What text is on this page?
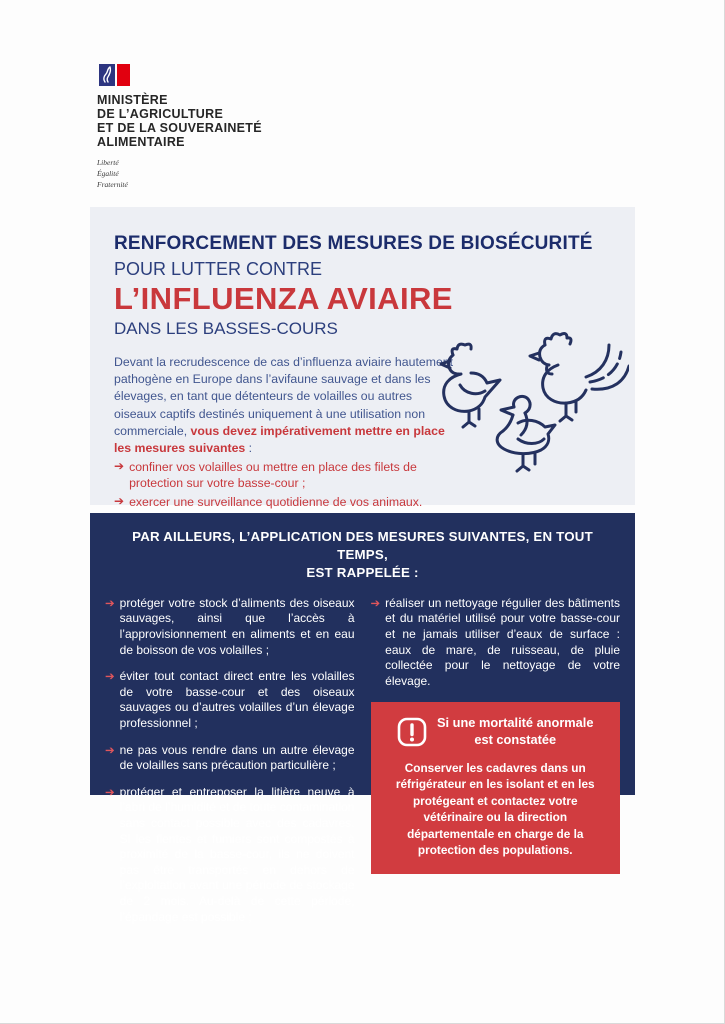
MINISTÈRE
DE L’AGRICULTURE
ET DE LA SOUVERAINETÉ
ALIMENTAIRE
Liberté
Égalité
Fraternité
RENFORCEMENT DES MESURES DE BIOSÉCURITÉ
POUR LUTTER CONTRE
L’INFLUENZA AVIAIRE
DANS LES BASSES-COURS
Devant la recrudescence de cas d’influenza aviaire hautement pathogène en Europe dans l’avifaune sauvage et dans les élevages, en tant que détenteurs de volailles ou autres oiseaux captifs destinés uniquement à une utilisation non commerciale, vous devez impérativement mettre en place les mesures suivantes :
➔ confiner vos volailles ou mettre en place des filets de protection sur votre basse-cour ;
➔ exercer une surveillance quotidienne de vos animaux.
PAR AILLEURS, L’APPLICATION DES MESURES SUIVANTES, EN TOUT TEMPS,
EST RAPPELÉE :
➔ protéger votre stock d’aliments des oiseaux sauvages, ainsi que l’accès à l’approvisionnement en aliments et en eau de boisson de vos volailles ;
➔ éviter tout contact direct entre les volailles de votre basse-cour et des oiseaux sauvages ou d’autres volailles d’un élevage professionnel ;
➔ ne pas vous rendre dans un autre élevage de volailles sans précaution particulière ;
➔ protéger et entreposer la litière neuve à l’abri de l’humidité et de toute contamination sans contact possible avec des cadavres. Si les fientes et fumiers sont compostés à proximité de la basse-cour, ils ne doivent pas être transportés en dehors de l’exploitation avant une période de stockage de 2 mois. Au-delà de cette période, l’épandage est possible ;
➔ réaliser un nettoyage régulier des bâtiments et du matériel utilisé pour votre basse-cour et ne jamais utiliser d’eaux de surface : eaux de mare, de ruisseau, de pluie collectée pour le nettoyage de votre élevage.
Si une mortalité anormale
est constatée
Conserver les cadavres dans un réfrigérateur en les isolant et en les protégeant et contactez votre vétérinaire ou la direction départementale en charge de la protection des populations.
